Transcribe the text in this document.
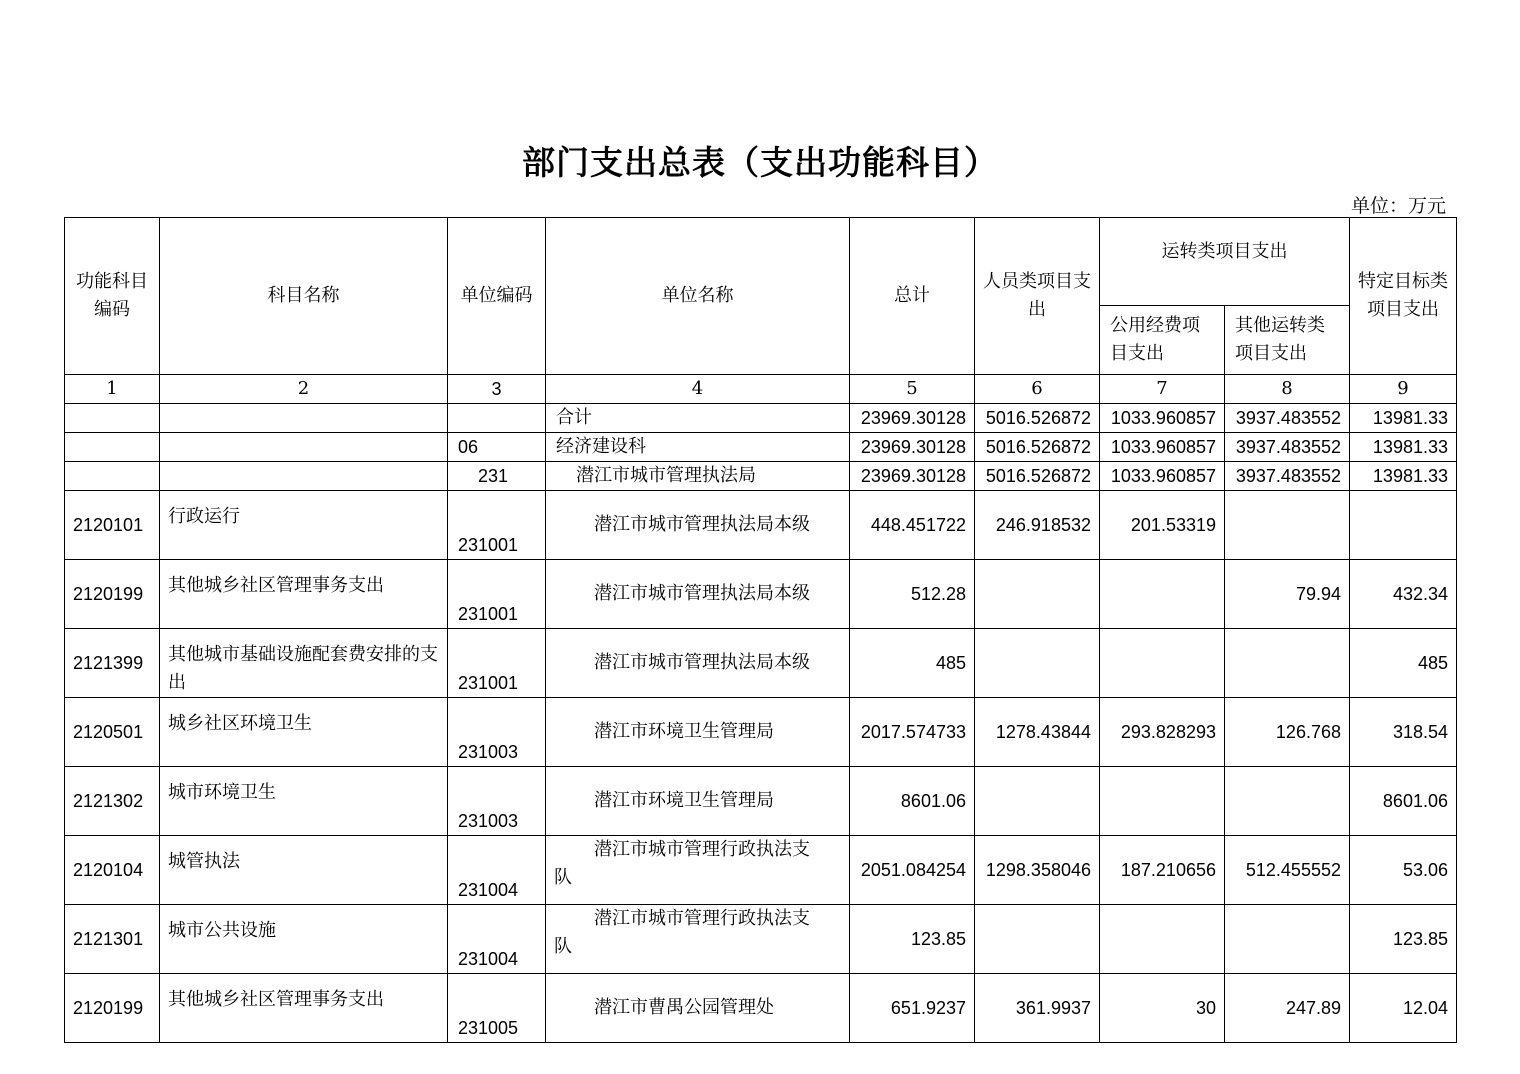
部门支出总表（支出功能科目）
单位：万元
功能科目编码	科目名称	单位编码	单位名称	总计	人员类项目支出	运转类项目支出		特定目标类项目支出
						公用经费项目支出	其他运转类项目支出	
1	2	3	4	5	6	7	8	9
			合计	23969.30128	5016.526872	1033.960857	3937.483552	13981.33
		06	经济建设科	23969.30128	5016.526872	1033.960857	3937.483552	13981.33
		231	潜江市城市管理执法局	23969.30128	5016.526872	1033.960857	3937.483552	13981.33
2120101	行政运行	231001	潜江市城市管理执法局本级	448.451722	246.918532	201.53319		
2120199	其他城乡社区管理事务支出	231001	潜江市城市管理执法局本级	512.28			79.94	432.34
2121399	其他城市基础设施配套费安排的支出	231001	潜江市城市管理执法局本级	485				485
2120501	城乡社区环境卫生	231003	潜江市环境卫生管理局	2017.574733	1278.43844	293.828293	126.768	318.54
2121302	城市环境卫生	231003	潜江市环境卫生管理局	8601.06				8601.06
2120104	城管执法	231004	潜江市城市管理行政执法支
队	2051.084254	1298.358046	187.210656	512.455552	53.06
2121301	城市公共设施	231004	潜江市城市管理行政执法支
队	123.85				123.85
2120199	其他城乡社区管理事务支出	231005	潜江市曹禺公园管理处	651.9237	361.9937	30	247.89	12.04
